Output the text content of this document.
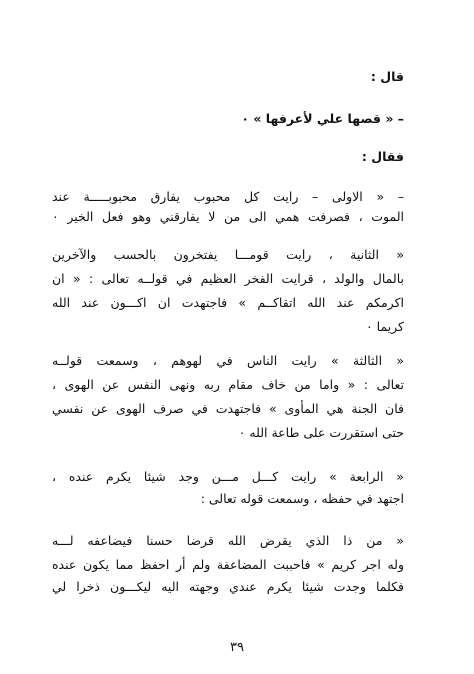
قال :
– « قصها علي لأعرفها » ٠
فقال :
– « الاولى – رايت كل محبوب يفارق محبوبـــــة عند
الموت ، فصرفت همي الى من لا يفارقني وهو فعل الخير ٠
« الثانية ، رايت قومـــا يفتخرون بالحسب والآخرين
بالمال والولد ، قرايت الفخر العظيم في قولــه تعالى : « ان
اكرمكم عند الله اتقاكــم » فاجتهدت ان اكـــون عند الله
كريما ٠
« الثالثة » رايت الناس في لهوهم ، وسمعت قولــه
تعالى : « واما من خاف مقام ربه ونهى النفس عن الهوى ،
فان الجنة هي المأوى » فاجتهدت في صرف الهوى عن نفسي
حتى استقررت على طاعة الله ٠
« الرابعة » رايت كـــل مـــن وجد شيئا يكرم عنده ،
اجتهد في حفظه ، وسمعت قوله تعالى :
« من ذا الذي يقرض الله قرضا حسنا فيضاعفه لـــه
وله اجر كريم » فاحببت المضاعفة ولم أر احفظ مما يكون عنده
فكلما وجدت شيئا يكرم عندي وجهته اليه ليكـــون ذخرا لي
٣٩
